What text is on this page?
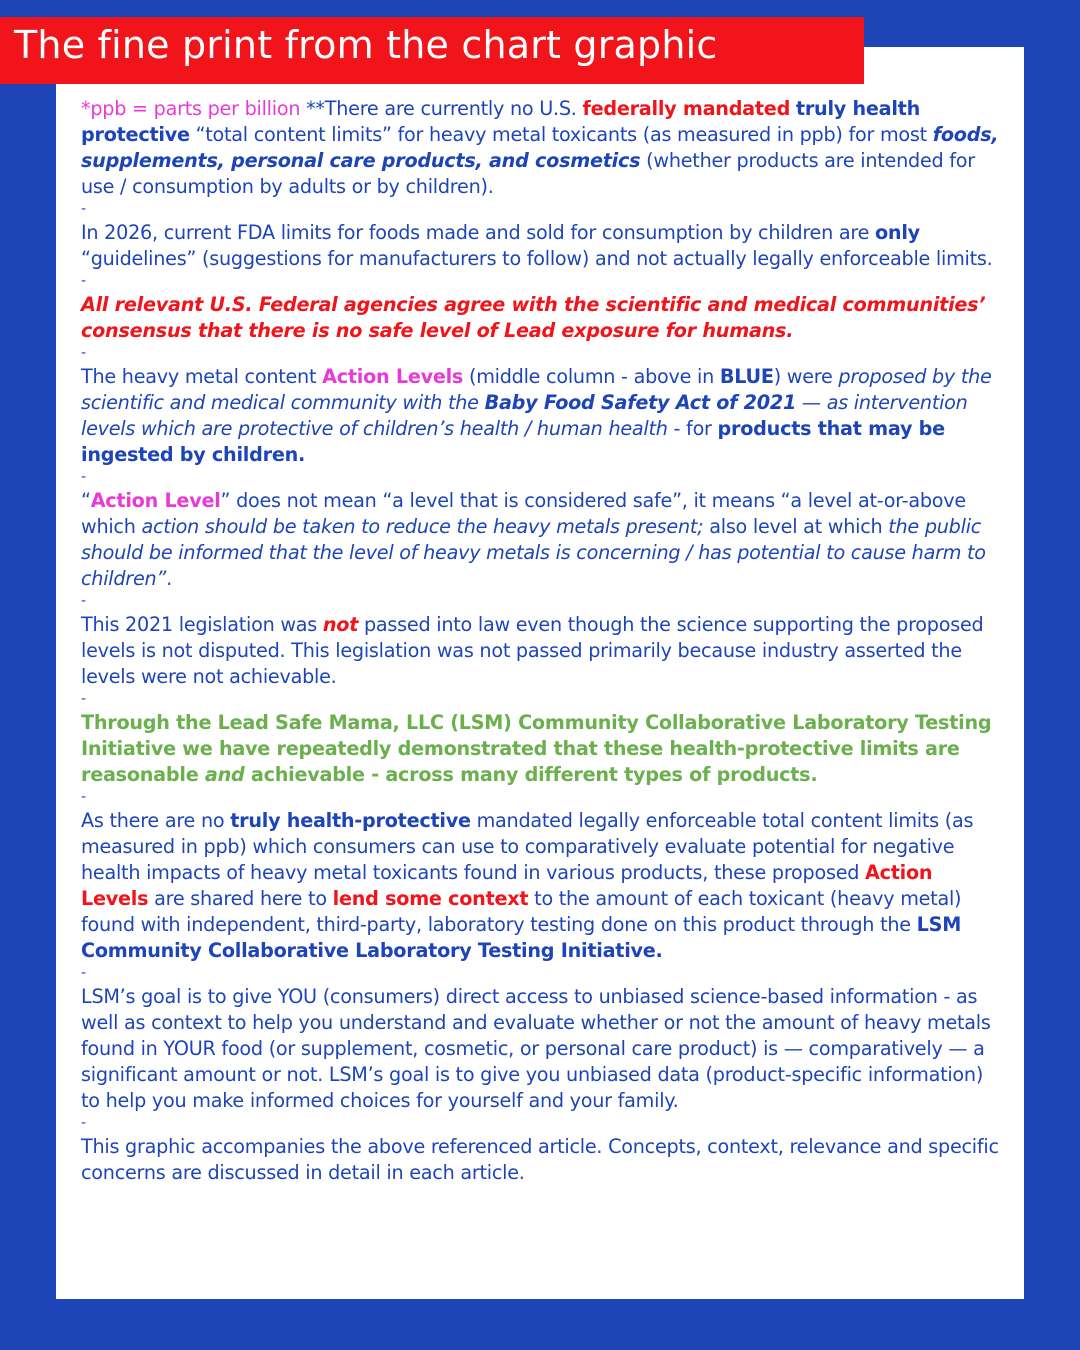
The fine print from the chart graphic

*ppb = parts per billion **There are currently no U.S. federally mandated truly health protective “total content limits” for heavy metal toxicants (as measured in ppb) for most foods, supplements, personal care products, and cosmetics (whether products are intended for use / consumption by adults or by children).

-

In 2026, current FDA limits for foods made and sold for consumption by children are only “guidelines” (suggestions for manufacturers to follow) and not actually legally enforceable limits.

-

All relevant U.S. Federal agencies agree with the scientific and medical communities’ consensus that there is no safe level of Lead exposure for humans.

-

The heavy metal content Action Levels (middle column - above in BLUE) were proposed by the scientific and medical community with the Baby Food Safety Act of 2021 — as intervention levels which are protective of children’s health / human health - for products that may be ingested by children.

-

“Action Level” does not mean “a level that is considered safe”, it means “a level at-or-above which action should be taken to reduce the heavy metals present; also level at which the public should be informed that the level of heavy metals is concerning / has potential to cause harm to children”.

-

This 2021 legislation was not passed into law even though the science supporting the proposed levels is not disputed. This legislation was not passed primarily because industry asserted the levels were not achievable.

-

Through the Lead Safe Mama, LLC (LSM) Community Collaborative Laboratory Testing Initiative we have repeatedly demonstrated that these health-protective limits are reasonable and achievable - across many different types of products.

-

As there are no truly health-protective mandated legally enforceable total content limits (as measured in ppb) which consumers can use to comparatively evaluate potential for negative health impacts of heavy metal toxicants found in various products, these proposed Action Levels are shared here to lend some context to the amount of each toxicant (heavy metal) found with independent, third-party, laboratory testing done on this product through the LSM Community Collaborative Laboratory Testing Initiative.

-

LSM’s goal is to give YOU (consumers) direct access to unbiased science-based information - as well as context to help you understand and evaluate whether or not the amount of heavy metals found in YOUR food (or supplement, cosmetic, or personal care product) is — comparatively — a significant amount or not. LSM’s goal is to give you unbiased data (product-specific information) to help you make informed choices for yourself and your family.

-

This graphic accompanies the above referenced article. Concepts, context, relevance and specific concerns are discussed in detail in each article.
